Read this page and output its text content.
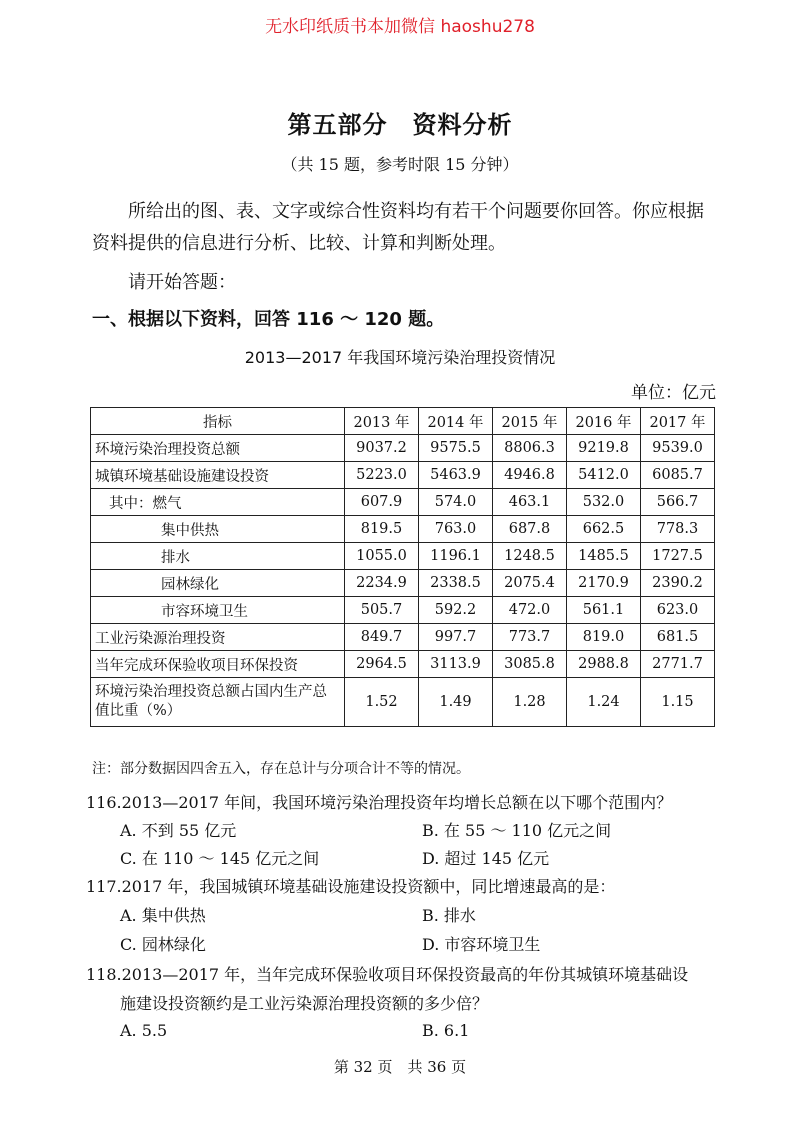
无水印纸质书本加微信 haoshu278
第五部分　资料分析
（共 15 题，参考时限 15 分钟）
所给出的图、表、文字或综合性资料均有若干个问题要你回答。你应根据资料提供的信息进行分析、比较、计算和判断处理。
请开始答题：
一、根据以下资料，回答 116 ～ 120 题。
2013—2017 年我国环境污染治理投资情况
单位：亿元
指标	2013 年	2014 年	2015 年	2016 年	2017 年
环境污染治理投资总额	9037.2	9575.5	8806.3	9219.8	9539.0
城镇环境基础设施建设投资	5223.0	5463.9	4946.8	5412.0	6085.7
其中：燃气	607.9	574.0	463.1	532.0	566.7
集中供热	819.5	763.0	687.8	662.5	778.3
排水	1055.0	1196.1	1248.5	1485.5	1727.5
园林绿化	2234.9	2338.5	2075.4	2170.9	2390.2
市容环境卫生	505.7	592.2	472.0	561.1	623.0
工业污染源治理投资	849.7	997.7	773.7	819.0	681.5
当年完成环保验收项目环保投资	2964.5	3113.9	3085.8	2988.8	2771.7
环境污染治理投资总额占国内生产总值比重（%）	1.52	1.49	1.28	1.24	1.15
注：部分数据因四舍五入，存在总计与分项合计不等的情况。
116.2013—2017 年间，我国环境污染治理投资年均增长总额在以下哪个范围内？
A. 不到 55 亿元	B. 在 55 ～ 110 亿元之间
C. 在 110 ～ 145 亿元之间	D. 超过 145 亿元
117.2017 年，我国城镇环境基础设施建设投资额中，同比增速最高的是：
A. 集中供热	B. 排水
C. 园林绿化	D. 市容环境卫生
118.2013—2017 年，当年完成环保验收项目环保投资最高的年份其城镇环境基础设
施建设投资额约是工业污染源治理投资额的多少倍？
A. 5.5	B. 6.1
第 32 页　共 36 页
